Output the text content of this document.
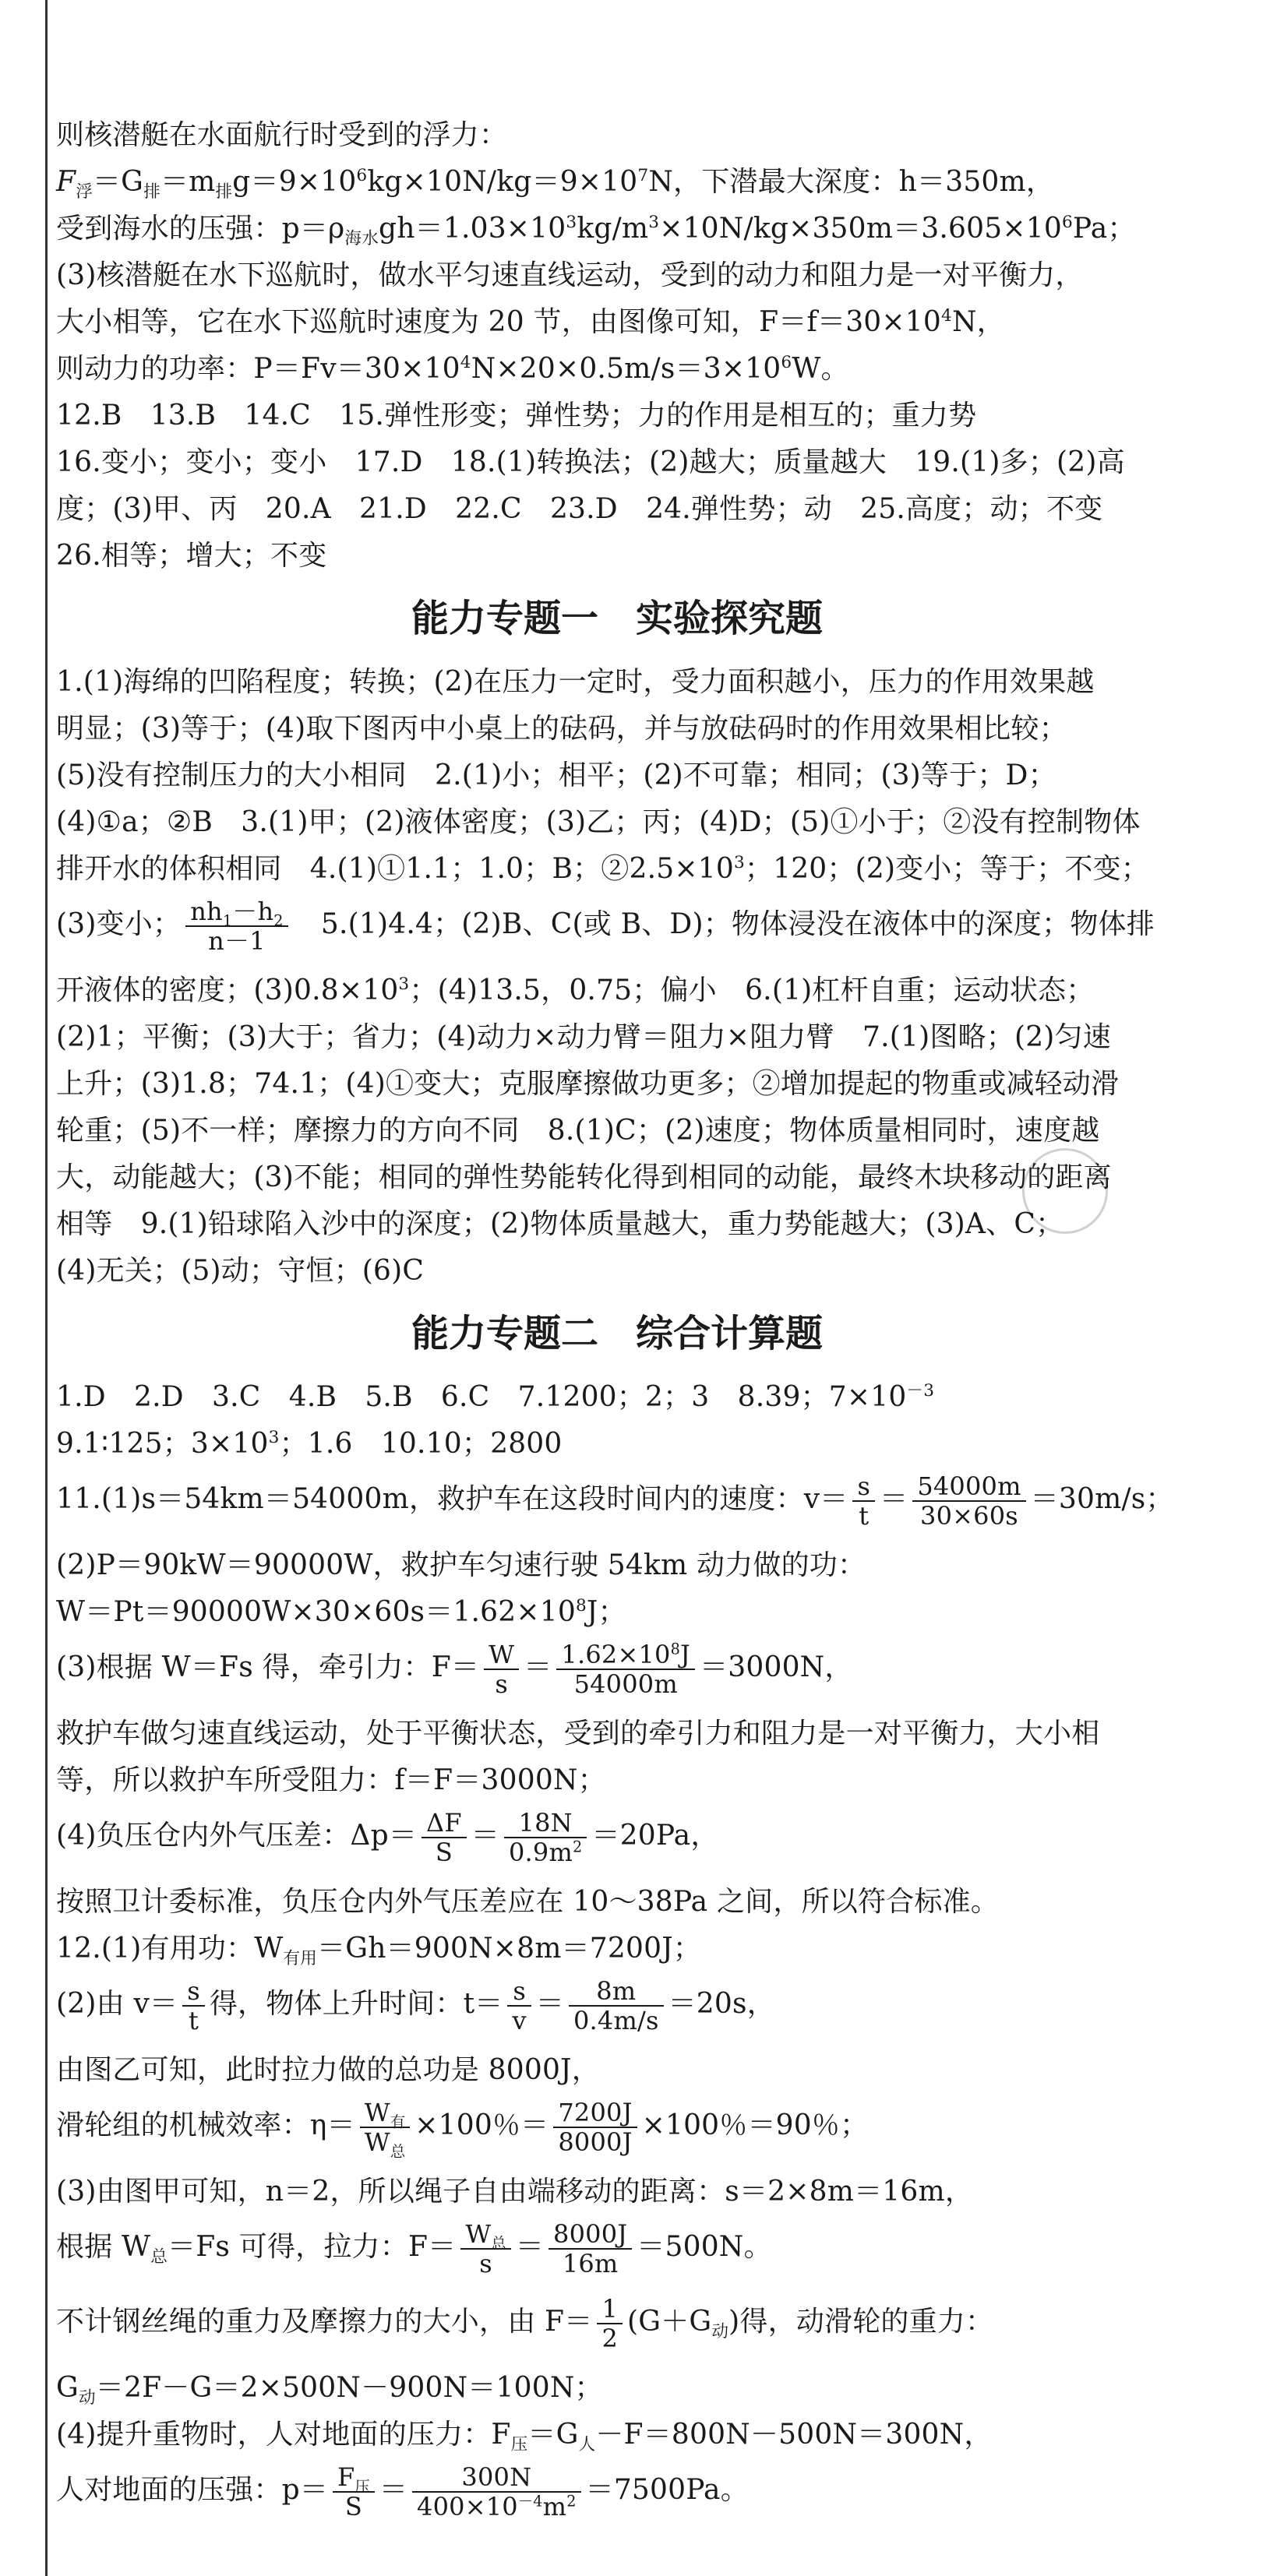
则核潜艇在水面航行时受到的浮力：
$F_浮=G_排=m_排g=9\times 10^6kg\times 10N/kg=9\times 10^7N$，下潜最大深度：h＝350m，
受到海水的压强：$p=\rho_{海水}gh=1.03\times 10^3kg/m^3\times 10N/kg\times 350m=3.605\times 10^6Pa$；
(3)核潜艇在水下巡航时，做水平匀速直线运动，受到的动力和阻力是一对平衡力，
大小相等，它在水下巡航时速度为 20 节，由图像可知，$F=f=30\times 10^4N$，
则动力的功率：$P=Fv=30\times 10^4N\times 20\times 0.5m/s=3\times 10^6W$。
12.B　13.B　14.C　15.弹性形变；弹性势；力的作用是相互的；重力势
16.变小；变小；变小　17.D　18.(1)转换法；(2)越大；质量越大　19.(1)多；(2)高
度；(3)甲、丙　20.A　21.D　22.C　23.D　24.弹性势；动　25.高度；动；不变
26.相等；增大；不变
能力专题一　实验探究题
1.(1)海绵的凹陷程度；转换；(2)在压力一定时，受力面积越小，压力的作用效果越
明显；(3)等于；(4)取下图丙中小桌上的砝码，并与放砝码时的作用效果相比较；
(5)没有控制压力的大小相同　2.(1)小；相平；(2)不可靠；相同；(3)等于；D；
(4)①a；②B　3.(1)甲；(2)液体密度；(3)乙；丙；(4)D；(5)①小于；②没有控制物体
排开水的体积相同　4.(1)①1.1；1.0；B；$②2.5\times 10^3$；120；(2)变小；等于；不变；
(3)变小； $\frac{nh_1-h_2}{n-1}$ 　5.(1)4.4；(2)B、C(或 B、D)；物体浸没在液体中的深度；物体排
开液体的密度；$(3)0.8\times 10^3$；(4)13.5，0.75；偏小　6.(1)杠杆自重；运动状态；
(2)1；平衡；(3)大于；省力；(4)动力×动力臂＝阻力×阻力臂　7.(1)图略；(2)匀速
上升；(3)1.8；74.1；(4)①变大；克服摩擦做功更多；②增加提起的物重或减轻动滑
轮重；(5)不一样；摩擦力的方向不同　8.(1)C；(2)速度；物体质量相同时，速度越
大，动能越大；(3)不能；相同的弹性势能转化得到相同的动能，最终木块移动的距离
相等　9.(1)铅球陷入沙中的深度；(2)物体质量越大，重力势能越大；(3)A、C；
(4)无关；(5)动；守恒；(6)C
能力专题二　综合计算题
1.D　2.D　3.C　4.B　5.B　6.C　7.1200；2；3　8.39；$7\times 10^{-3}$
9.1∶125；$3\times 10^3$；1.6　10.10；2800
11.(1)s＝54km＝54000m，救护车在这段时间内的速度：$v= \frac{s}{t} = \frac{54000m}{30\times 60s} =30m/s$；
(2)P＝90kW＝90000W，救护车匀速行驶 54km 动力做的功：
$W=Pt=90000W\times 30\times 60s=1.62\times 10^8J$；
(3)根据 W＝Fs 得，牵引力：$F= \frac{W}{s} = \frac{1.62\times 10^8J}{54000m} =3000N$，
救护车做匀速直线运动，处于平衡状态，受到的牵引力和阻力是一对平衡力，大小相
等，所以救护车所受阻力：f＝F＝3000N；
(4)负压仓内外气压差：$\Delta p= \frac{\Delta F}{S} = \frac{18N}{0.9m^2} =20Pa$，
按照卫计委标准，负压仓内外气压差应在 10～38Pa 之间，所以符合标准。
12.(1)有用功：$W_{有用}=Gh=900N\times 8m=7200J$；
(2)由 $v= \frac{s}{t}$ 得，物体上升时间：$t= \frac{s}{v} = \frac{8m}{0.4m/s} =20s$，
由图乙可知，此时拉力做的总功是 8000J，
滑轮组的机械效率：$\eta= \frac{W_有}{W_总} \times 100$％＝ $\frac{7200J}{8000J} \times 100$％＝90％；
(3)由图甲可知，n＝2，所以绳子自由端移动的距离：s＝2×8m＝16m，
根据 $W_总=Fs$ 可得，拉力：$F= \frac{W_总}{s} = \frac{8000J}{16m} =500N$。
不计钢丝绳的重力及摩擦力的大小，由 $F= \frac{1}{2} (G+G_动)$得，动滑轮的重力：
$G_动=2F-G=2\times 500N-900N=100N$；
(4)提升重物时，人对地面的压力：$F_压=G_人-F=800N-500N=300N$，
人对地面的压强：$p= \frac{F_压}{S} = \frac{300N}{400\times 10^{-4}m^2} =7500Pa$。
